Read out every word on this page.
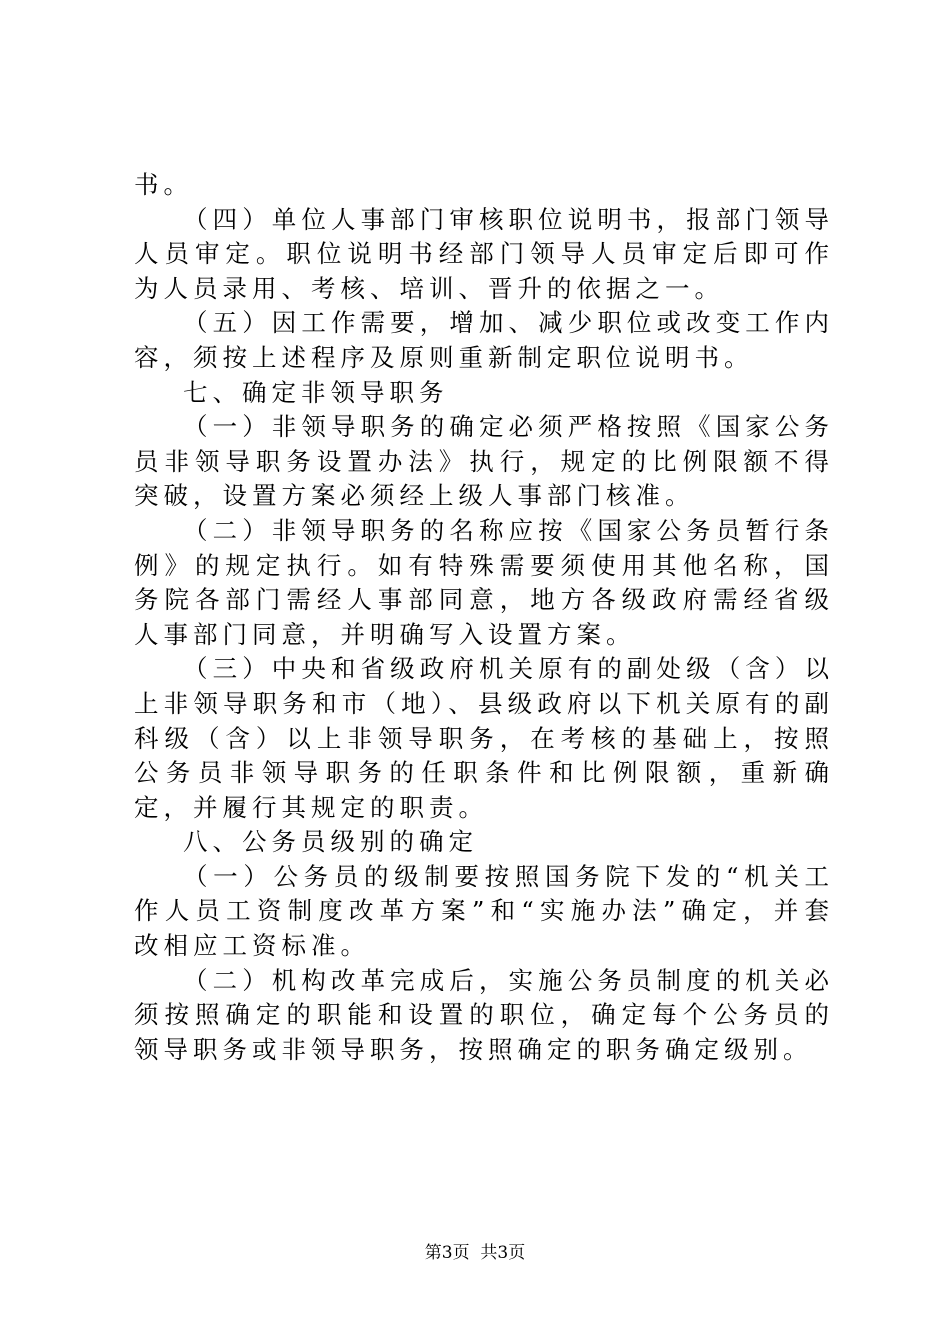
书。

（四）单位人事部门审核职位说明书，报部门领导人员审定。职位说明书经部门领导人员审定后即可作为人员录用、考核、培训、晋升的依据之一。

（五）因工作需要，增加、减少职位或改变工作内容，须按上述程序及原则重新制定职位说明书。

七、确定非领导职务

（一）非领导职务的确定必须严格按照《国家公务员非领导职务设置办法》执行，规定的比例限额不得突破，设置方案必须经上级人事部门核准。

（二）非领导职务的名称应按《国家公务员暂行条例》的规定执行。如有特殊需要须使用其他名称，国务院各部门需经人事部同意，地方各级政府需经省级人事部门同意，并明确写入设置方案。

（三）中央和省级政府机关原有的副处级（含）以上非领导职务和市（地）、县级政府以下机关原有的副科级（含）以上非领导职务，在考核的基础上，按照公务员非领导职务的任职条件和比例限额，重新确定，并履行其规定的职责。

八、公务员级别的确定

（一）公务员的级制要按照国务院下发的“机关工作人员工资制度改革方案”和“实施办法”确定，并套改相应工资标准。

（二）机构改革完成后，实施公务员制度的机关必须按照确定的职能和设置的职位，确定每个公务员的领导职务或非领导职务，按照确定的职务确定级别。

第3页  共3页
